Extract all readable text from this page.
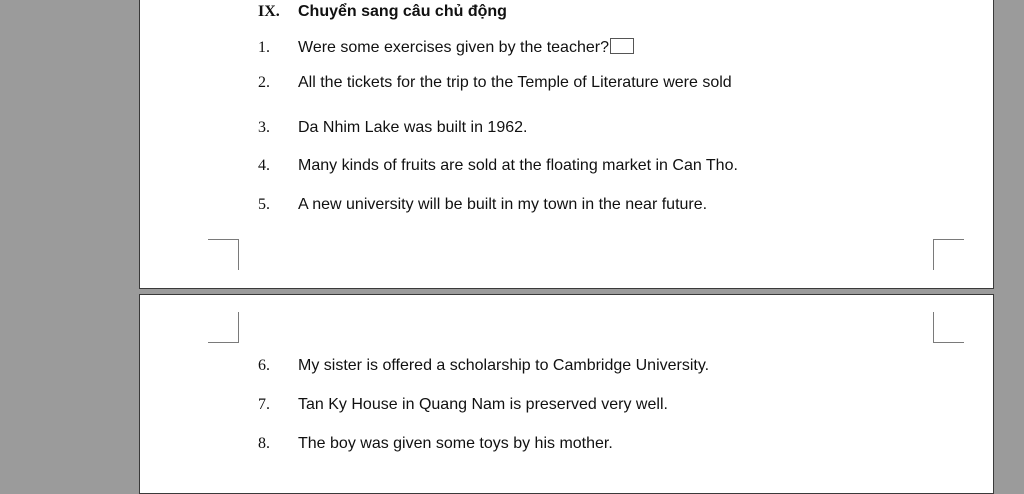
IX. Chuyển sang câu chủ động
1. Were some exercises given by the teacher?
2. All the tickets for the trip to the Temple of Literature were sold
3. Da Nhim Lake was built in 1962.
4. Many kinds of fruits are sold at the floating market in Can Tho.
5. A new university will be built in my town in the near future.
6. My sister is offered a scholarship to Cambridge University.
7. Tan Ky House in Quang Nam is preserved very well.
8. The boy was given some toys by his mother.
